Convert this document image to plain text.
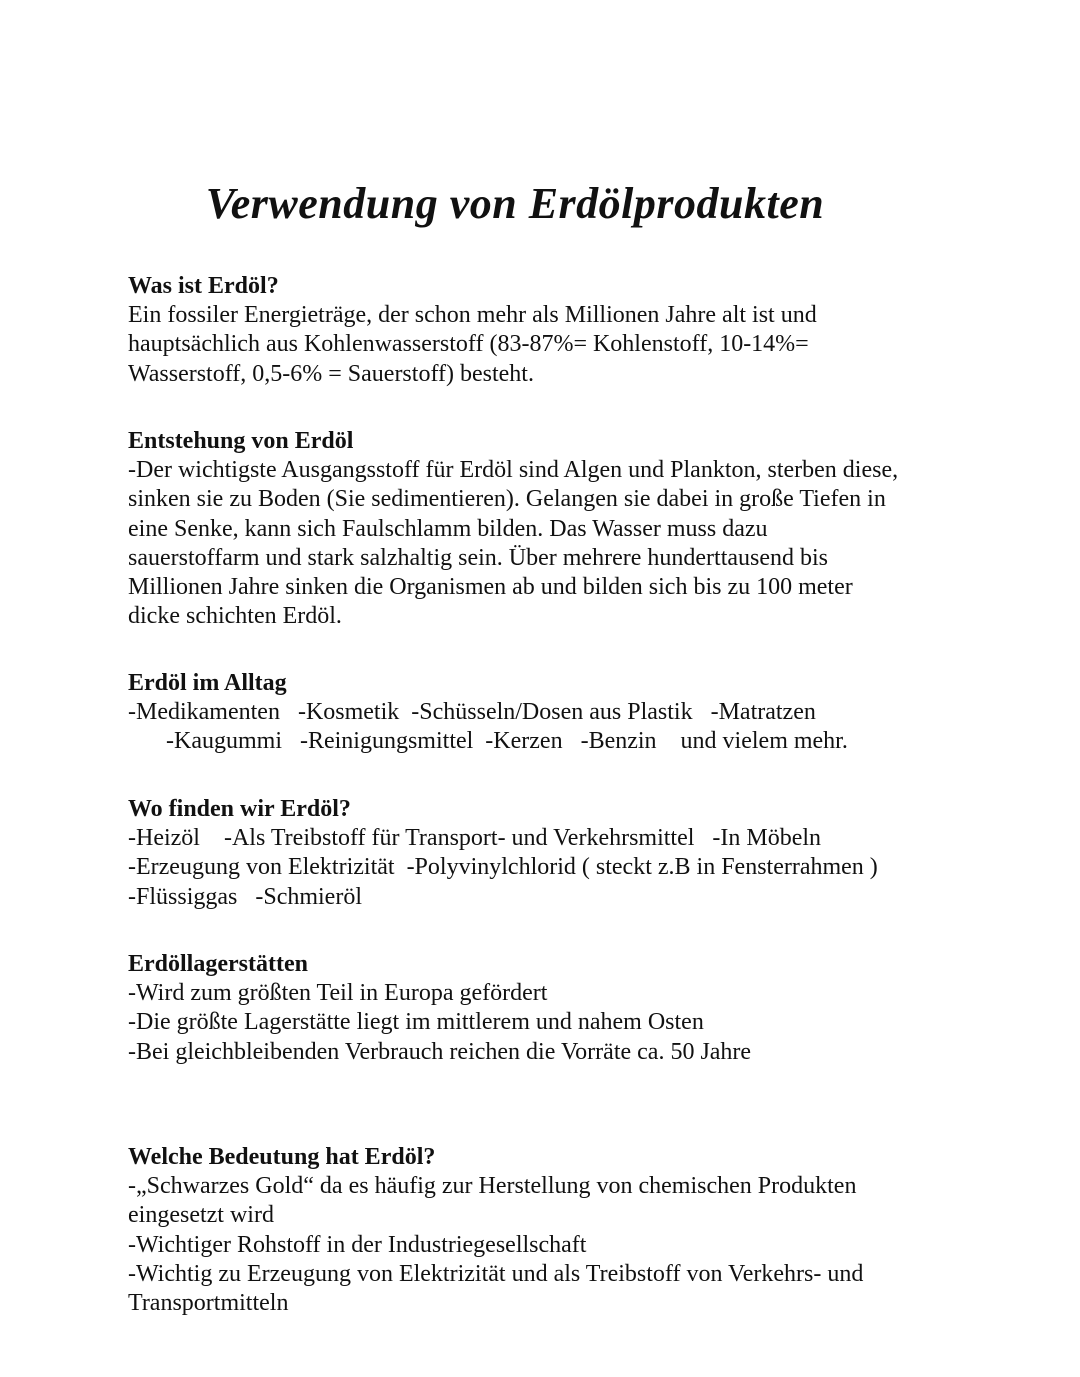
Verwendung von Erdölprodukten
Was ist Erdöl?
Ein fossiler Energieträge, der schon mehr als Millionen Jahre alt ist und
hauptsächlich aus Kohlenwasserstoff (83-87%= Kohlenstoff, 10-14%=
Wasserstoff, 0,5-6% = Sauerstoff) besteht.
Entstehung von Erdöl
-Der wichtigste Ausgangsstoff für Erdöl sind Algen und Plankton, sterben diese,
sinken sie zu Boden (Sie sedimentieren). Gelangen sie dabei in große Tiefen in
eine Senke, kann sich Faulschlamm bilden. Das Wasser muss dazu
sauerstoffarm und stark salzhaltig sein. Über mehrere hunderttausend bis
Millionen Jahre sinken die Organismen ab und bilden sich bis zu 100 meter
dicke schichten Erdöl.
Erdöl im Alltag
-Medikamenten   -Kosmetik  -Schüsseln/Dosen aus Plastik   -Matratzen
-Kaugummi   -Reinigungsmittel  -Kerzen   -Benzin    und vielem mehr.
Wo finden wir Erdöl?
-Heizöl    -Als Treibstoff für Transport- und Verkehrsmittel   -In Möbeln
-Erzeugung von Elektrizität  -Polyvinylchlorid ( steckt z.B in Fensterrahmen )
-Flüssiggas   -Schmieröl
Erdöllagerstätten
-Wird zum größten Teil in Europa gefördert
-Die größte Lagerstätte liegt im mittlerem und nahem Osten
-Bei gleichbleibenden Verbrauch reichen die Vorräte ca. 50 Jahre
Welche Bedeutung hat Erdöl?
-„Schwarzes Gold“ da es häufig zur Herstellung von chemischen Produkten
eingesetzt wird
-Wichtiger Rohstoff in der Industriegesellschaft
-Wichtig zu Erzeugung von Elektrizität und als Treibstoff von Verkehrs- und
Transportmitteln
